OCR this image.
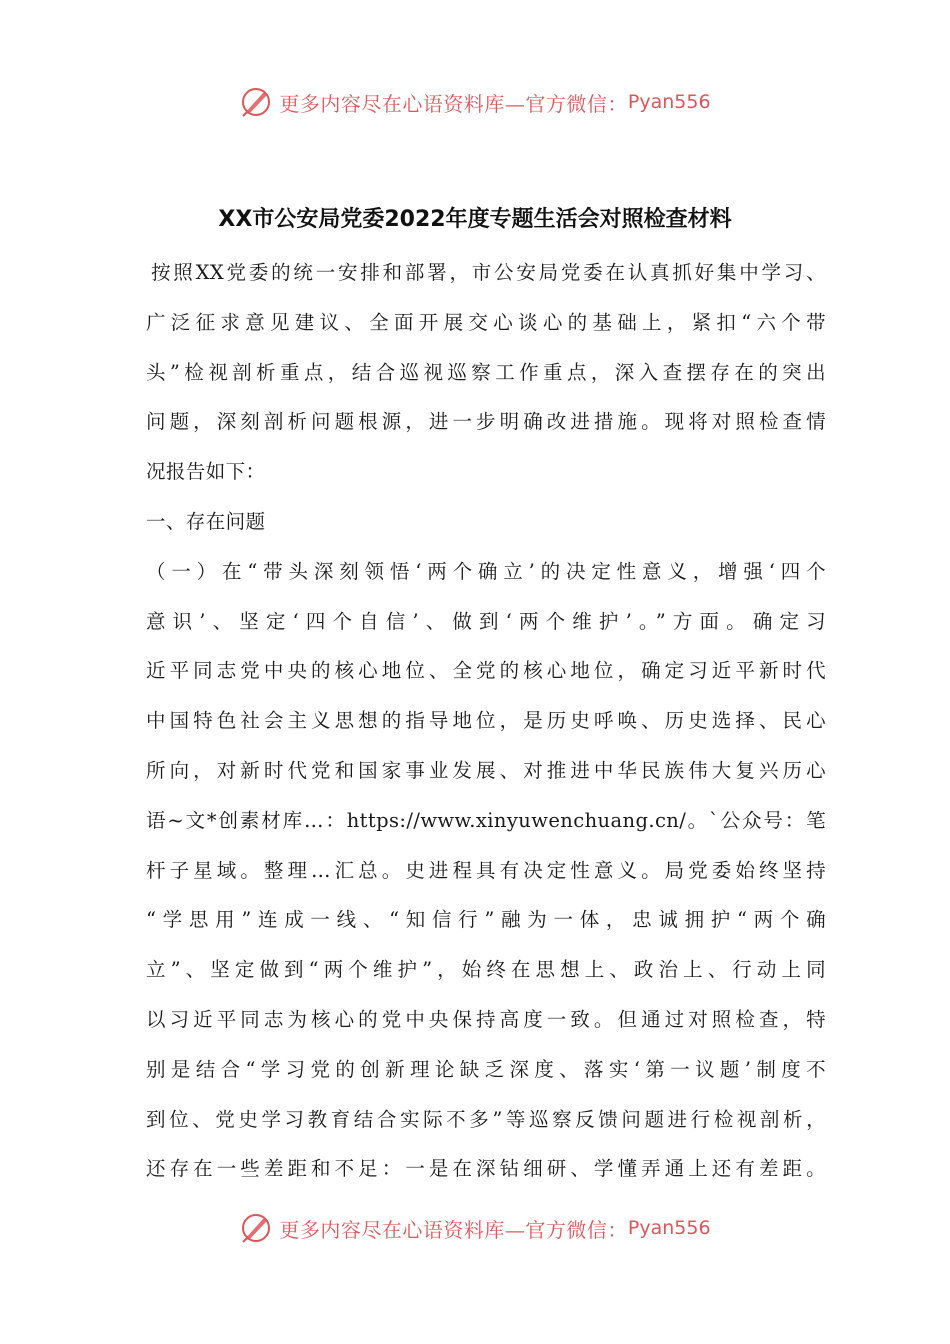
更多内容尽在心语资料库—官方微信： Pyan556
XX市公安局党委2022年度专题生活会对照检查材料
按照XX党委的统一安排和部署，市公安局党委在认真抓好集中学习、
广泛征求意见建议、全面开展交心谈心的基础上，紧扣“六个带
头”检视剖析重点，结合巡视巡察工作重点，深入查摆存在的突出
问题，深刻剖析问题根源，进一步明确改进措施。现将对照检查情
况报告如下：
一、存在问题
（一）在“带头深刻领悟‘两个确立’的决定性意义，增强‘四个
意识’、坚定‘四个自信’、做到‘两个维护’。”方面。确定习
近平同志党中央的核心地位、全党的核心地位，确定习近平新时代
中国特色社会主义思想的指导地位，是历史呼唤、历史选择、民心
所向，对新时代党和国家事业发展、对推进中华民族伟大复兴历心
语~文*创素材库…：https://www.xinyuwenchuang.cn/。`公众号：笔
杆子星域。整理…汇总。史进程具有决定性意义。局党委始终坚持
“学思用”连成一线、“知信行”融为一体，忠诚拥护“两个确
立”、坚定做到“两个维护”，始终在思想上、政治上、行动上同
以习近平同志为核心的党中央保持高度一致。但通过对照检查，特
别是结合“学习党的创新理论缺乏深度、落实‘第一议题’制度不
到位、党史学习教育结合实际不多”等巡察反馈问题进行检视剖析，
还存在一些差距和不足：一是在深钻细研、学懂弄通上还有差距。
更多内容尽在心语资料库—官方微信： Pyan556
